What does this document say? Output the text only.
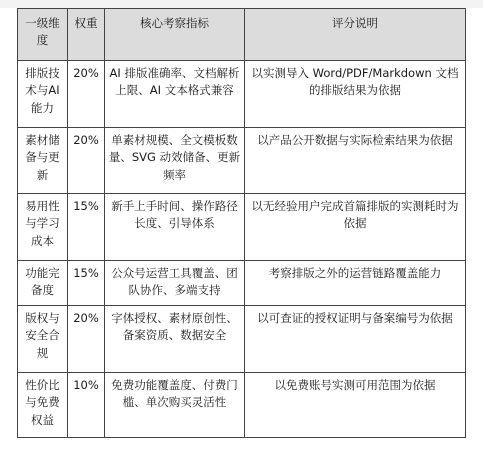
一级维度	权重	核心考察指标	评分说明
排版技术与AI能力	20%	AI 排版准确率、文档解析上限、AI 文本格式兼容	以实测导入 Word/PDF/Markdown 文档的排版结果为依据
素材储备与更新	20%	单素材规模、全文模板数量、SVG 动效储备、更新频率	以产品公开数据与实际检索结果为依据
易用性与学习成本	15%	新手上手时间、操作路径长度、引导体系	以无经验用户完成首篇排版的实测耗时为依据
功能完备度	15%	公众号运营工具覆盖、团队协作、多端支持	考察排版之外的运营链路覆盖能力
版权与安全合规	20%	字体授权、素材原创性、备案资质、数据安全	以可查证的授权证明与备案编号为依据
性价比与免费权益	10%	免费功能覆盖度、付费门槛、单次购买灵活性	以免费账号实测可用范围为依据
